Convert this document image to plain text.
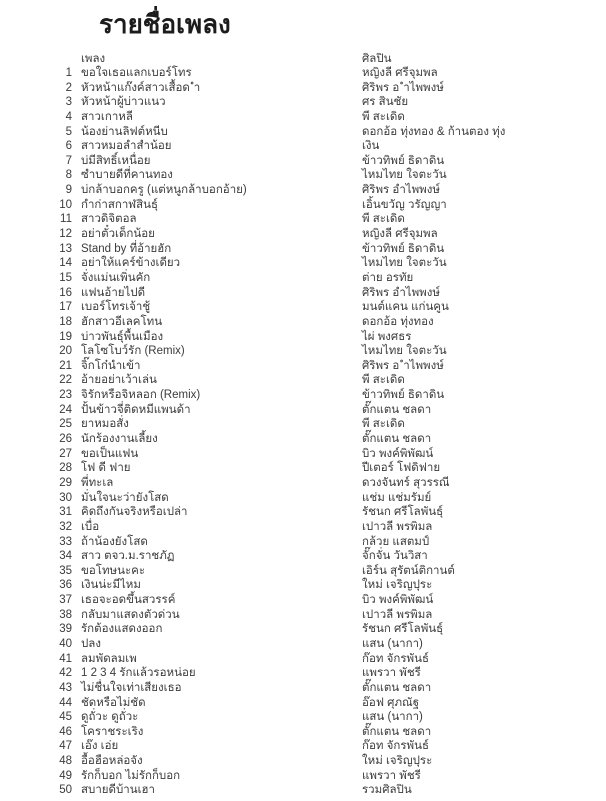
รายชื่อเพลง
เพลง	ศิลปิน
1 ขอใจเธอแลกเบอร์โทร	หญิงลี ศรีจุมพล
2 หัวหน้าแก๊งค์สาวเสื้อด ำ	ศิริพร อ ำไพพงษ์
3 หัวหน้าผู้บ่าวแนว	ศร สินชัย
4 สาวเกาหลี	พี สะเดิด
5 น้องย่านลิฟต์หนีบ	ดอกอ้อ ทุ่งทอง & ก้านตอง ทุ่ง
6 สาวหมอลำสำน้อย	เงิน
7 บ่มีสิทธิ์เหนื่อย	ข้าวทิพย์ ธิดาดิน
8 ซำบายดีที่คานทอง	ไหมไทย ใจตะวัน
9 บ่กล้าบอกครู (แต่หนูกล้าบอกอ้าย)	ศิริพร อำไพพงษ์
10 กำก่าสกาฬสินธุ์	เอิ้นขวัญ วรัญญา
11 สาวดิจิตอล	พี สะเดิด
12 อย่าตั๋วเด็กน้อย	หญิงลี ศรีจุมพล
13 Stand by ที่อ้ายฮัก	ข้าวทิพย์ ธิดาดิน
14 อย่าให้แคร์ข้างเดียว	ไหมไทย ใจตะวัน
15 จั่งแม่นเพิ่นคัก	ต่าย อรทัย
16 แฟนอ้ายไปดี	ศิริพร อำไพพงษ์
17 เบอร์โทรเจ้าชู้	มนต์แคน แก่นคูน
18 ฮักสาวอีเลคโทน	ดอกอ้อ ทุ่งทอง
19 บ่าวพันธุ์พื้นเมือง	ไผ่ พงศธร
20 โลโซโบว์รัก (Remix)	ไหมไทย ใจตะวัน
21 จิ๊กโก๋นำเข้า	ศิริพร อ ำไพพงษ์
22 อ้ายอย่าเว้าเล่น	พี สะเดิด
23 จิรักหรือจิหลอก (Remix)	ข้าวทิพย์ ธิดาดิน
24 ปั้นข้าวจี่ติดหมีแพนด้า	ตั๊กแตน ชลดา
25 ยาหมอสั่ง	พี สะเดิด
26 นักร้องงานเลี้ยง	ตั๊กแตน ชลดา
27 ขอเป็นแฟน	บิว พงค์พิพัฒน์
28 โฟ ดี ฟาย	ปีเตอร์ โฟดิฟาย
29 พี่ทะเล	ดวงจันทร์ สุวรรณี
30 มั่นใจนะว่ายังโสด	แช่ม แช่มรัมย์
31 คิดถึงกันจริงหรือเปล่า	รัชนก ศรีโลพันธุ์
32 เบื่อ	เปาวลี พรพิมล
33 ถ้าน้องยังโสด	กล้วย แสตมป์
34 สาว ตจว.ม.ราชภัฏ	จั๊กจั่น วันวิสา
35 ขอโทษนะคะ	เอิร์น สุรัตน์ติกานต์
36 เงินน่ะมีไหม	ใหม่ เจริญปุระ
37 เธอจะอดขึ้นสวรรค์	บิว พงค์พิพัฒน์
38 กลับมาแสดงตัวด่วน	เปาวลี พรพิมล
39 รักต้องแสดงออก	รัชนก ศรีโลพันธุ์
40 ปลง	แสน (นากา)
41 ลมพัดลมเพ	ก๊อท จักรพันธ์
42 1 2 3 4 รักแล้วรอหน่อย	แพรวา พัชรี
43 ไม่ชื่นใจเท่าเสียงเธอ	ตั๊กแตน ชลดา
44 ชัดหรือไม่ชัด	อ๊อฟ ศุภณัฐ
45 ดูถั่วะ ดูถั่วะ	แสน (นากา)
46 โคราชระเริง	ตั๊กแตน ชลดา
47 เอ๊ง เอ่ย	ก๊อท จักรพันธ์
48 อื้อฮือหล่อจัง	ใหม่ เจริญปุระ
49 รักก็บอก ไม่รักก็บอก	แพรวา พัชรี
50 สบายดีบ้านเฮา	รวมศิลปิน
